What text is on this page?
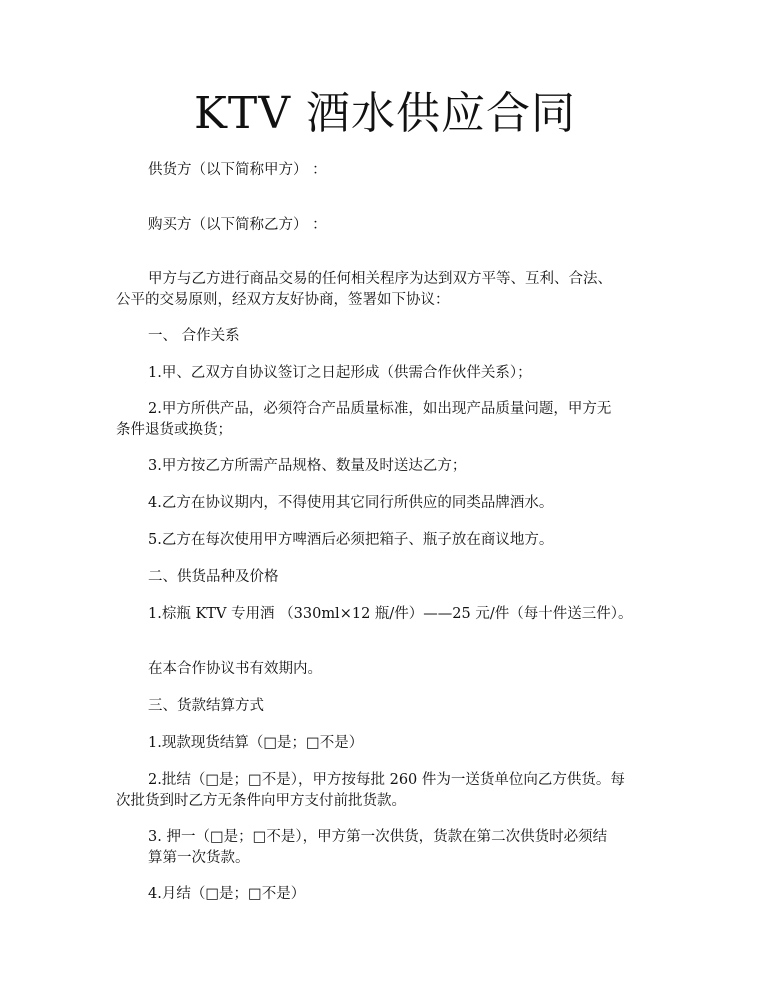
KTV 酒水供应合同
供货方（以下简称甲方） ：
购买方（以下简称乙方） ：
甲方与乙方进行商品交易的任何相关程序为达到双方平等、互利、合法、
公平的交易原则，经双方友好协商，签署如下协议：
一、 合作关系
1.甲、乙双方自协议签订之日起形成（供需合作伙伴关系）；
2.甲方所供产品，必须符合产品质量标准，如出现产品质量问题，甲方无
条件退货或换货；
3.甲方按乙方所需产品规格、数量及时送达乙方；
4.乙方在协议期内，不得使用其它同行所供应的同类品牌酒水。
5.乙方在每次使用甲方啤酒后必须把箱子、瓶子放在商议地方。
二、供货品种及价格
1.棕瓶 KTV 专用酒 （330ml×12 瓶/件）——25 元/件（每十件送三件）。
在本合作协议书有效期内。
三、货款结算方式
1.现款现货结算（□是；□不是）
2.批结（□是；□不是），甲方按每批 260 件为一送货单位向乙方供货。每
次批货到时乙方无条件向甲方支付前批货款。
3. 押一（□是；□不是），甲方第一次供货，货款在第二次供货时必须结
算第一次货款。
4.月结（□是；□不是）
